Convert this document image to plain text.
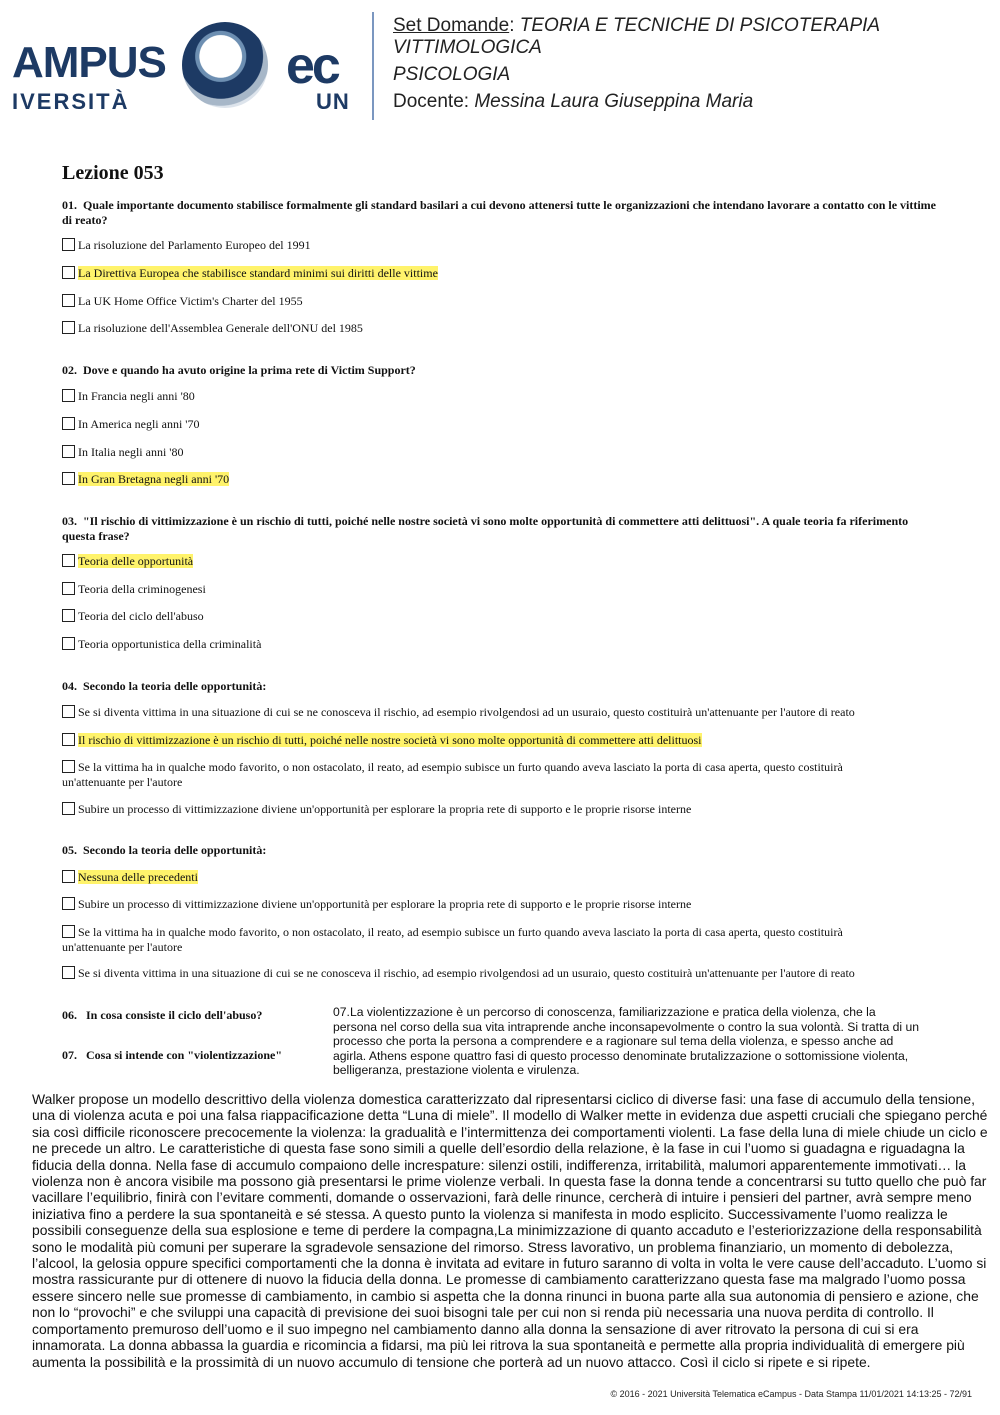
AMPUS
IVERSITÀ
ec
UN
Set Domande: TEORIA E TECNICHE DI PSICOTERAPIA
VITTIMOLOGICA
PSICOLOGIA
Docente: Messina Laura Giuseppina Maria
Lezione 053
01. Quale importante documento stabilisce formalmente gli standard basilari a cui devono attenersi tutte le organizzazioni che intendano lavorare a contatto con le vittime di reato?
La risoluzione del Parlamento Europeo del 1991
La Direttiva Europea che stabilisce standard minimi sui diritti delle vittime
La UK Home Office Victim's Charter del 1955
La risoluzione dell'Assemblea Generale dell'ONU del 1985
02. Dove e quando ha avuto origine la prima rete di Victim Support?
In Francia negli anni '80
In America negli anni '70
In Italia negli anni '80
In Gran Bretagna negli anni '70
03. "Il rischio di vittimizzazione è un rischio di tutti, poiché nelle nostre società vi sono molte opportunità di commettere atti delittuosi". A quale teoria fa riferimento questa frase?
Teoria delle opportunità
Teoria della criminogenesi
Teoria del ciclo dell'abuso
Teoria opportunistica della criminalità
04. Secondo la teoria delle opportunità:
Se si diventa vittima in una situazione di cui se ne conosceva il rischio, ad esempio rivolgendosi ad un usuraio, questo costituirà un'attenuante per l'autore di reato
Il rischio di vittimizzazione è un rischio di tutti, poiché nelle nostre società vi sono molte opportunità di commettere atti delittuosi
Se la vittima ha in qualche modo favorito, o non ostacolato, il reato, ad esempio subisce un furto quando aveva lasciato la porta di casa aperta, questo costituirà un'attenuante per l'autore
Subire un processo di vittimizzazione diviene un'opportunità per esplorare la propria rete di supporto e le proprie risorse interne
05. Secondo la teoria delle opportunità:
Nessuna delle precedenti
Subire un processo di vittimizzazione diviene un'opportunità per esplorare la propria rete di supporto e le proprie risorse interne
Se la vittima ha in qualche modo favorito, o non ostacolato, il reato, ad esempio subisce un furto quando aveva lasciato la porta di casa aperta, questo costituirà un'attenuante per l'autore
Se si diventa vittima in una situazione di cui se ne conosceva il rischio, ad esempio rivolgendosi ad un usuraio, questo costituirà un'attenuante per l'autore di reato
06. In cosa consiste il ciclo dell'abuso?
07. Cosa si intende con "violentizzazione"
07.La violentizzazione è un percorso di conoscenza, familiarizzazione e pratica della violenza, che la persona nel corso della sua vita intraprende anche inconsapevolmente o contro la sua volontà. Si tratta di un processo che porta la persona a comprendere e a ragionare sul tema della violenza, e spesso anche ad agirla. Athens espone quattro fasi di questo processo denominate brutalizzazione o sottomissione violenta, belligeranza, prestazione violenta e virulenza.
Walker propose un modello descrittivo della violenza domestica caratterizzato dal ripresentarsi ciclico di diverse fasi: una fase di accumulo della tensione, una di violenza acuta e poi una falsa riappacificazione detta “Luna di miele”. Il modello di Walker mette in evidenza due aspetti cruciali che spiegano perché sia così difficile riconoscere precocemente la violenza: la gradualità e l’intermittenza dei comportamenti violenti. La fase della luna di miele chiude un ciclo e ne precede un altro. Le caratteristiche di questa fase sono simili a quelle dell’esordio della relazione, è la fase in cui l’uomo si guadagna e riguadagna la fiducia della donna. Nella fase di accumulo compaiono delle increspature: silenzi ostili, indifferenza, irritabilità, malumori apparentemente immotivati… la violenza non è ancora visibile ma possono già presentarsi le prime violenze verbali. In questa fase la donna tende a concentrarsi su tutto quello che può far vacillare l’equilibrio, finirà con l’evitare commenti, domande o osservazioni, farà delle rinunce, cercherà di intuire i pensieri del partner, avrà sempre meno iniziativa fino a perdere la sua spontaneità e sé stessa. A questo punto la violenza si manifesta in modo esplicito. Successivamente l’uomo realizza le possibili conseguenze della sua esplosione e teme di perdere la compagna,La minimizzazione di quanto accaduto e l’esteriorizzazione della responsabilità sono le modalità più comuni per superare la sgradevole sensazione del rimorso. Stress lavorativo, un problema finanziario, un momento di debolezza, l’alcool, la gelosia oppure specifici comportamenti che la donna è invitata ad evitare in futuro saranno di volta in volta le vere cause dell’accaduto. L’uomo si mostra rassicurante pur di ottenere di nuovo la fiducia della donna. Le promesse di cambiamento caratterizzano questa fase ma malgrado l’uomo possa essere sincero nelle sue promesse di cambiamento, in cambio si aspetta che la donna rinunci in buona parte alla sua autonomia di pensiero e azione, che non lo “provochi” e che sviluppi una capacità di previsione dei suoi bisogni tale per cui non si renda più necessaria una nuova perdita di controllo. Il comportamento premuroso dell’uomo e il suo impegno nel cambiamento danno alla donna la sensazione di aver ritrovato la persona di cui si era innamorata. La donna abbassa la guardia e ricomincia a fidarsi, ma più lei ritrova la sua spontaneità e permette alla propria individualità di emergere più aumenta la possibilità e la prossimità di un nuovo accumulo di tensione che porterà ad un nuovo attacco. Così il ciclo si ripete e si ripete.
© 2016 - 2021 Università Telematica eCampus - Data Stampa 11/01/2021 14:13:25 - 72/91
